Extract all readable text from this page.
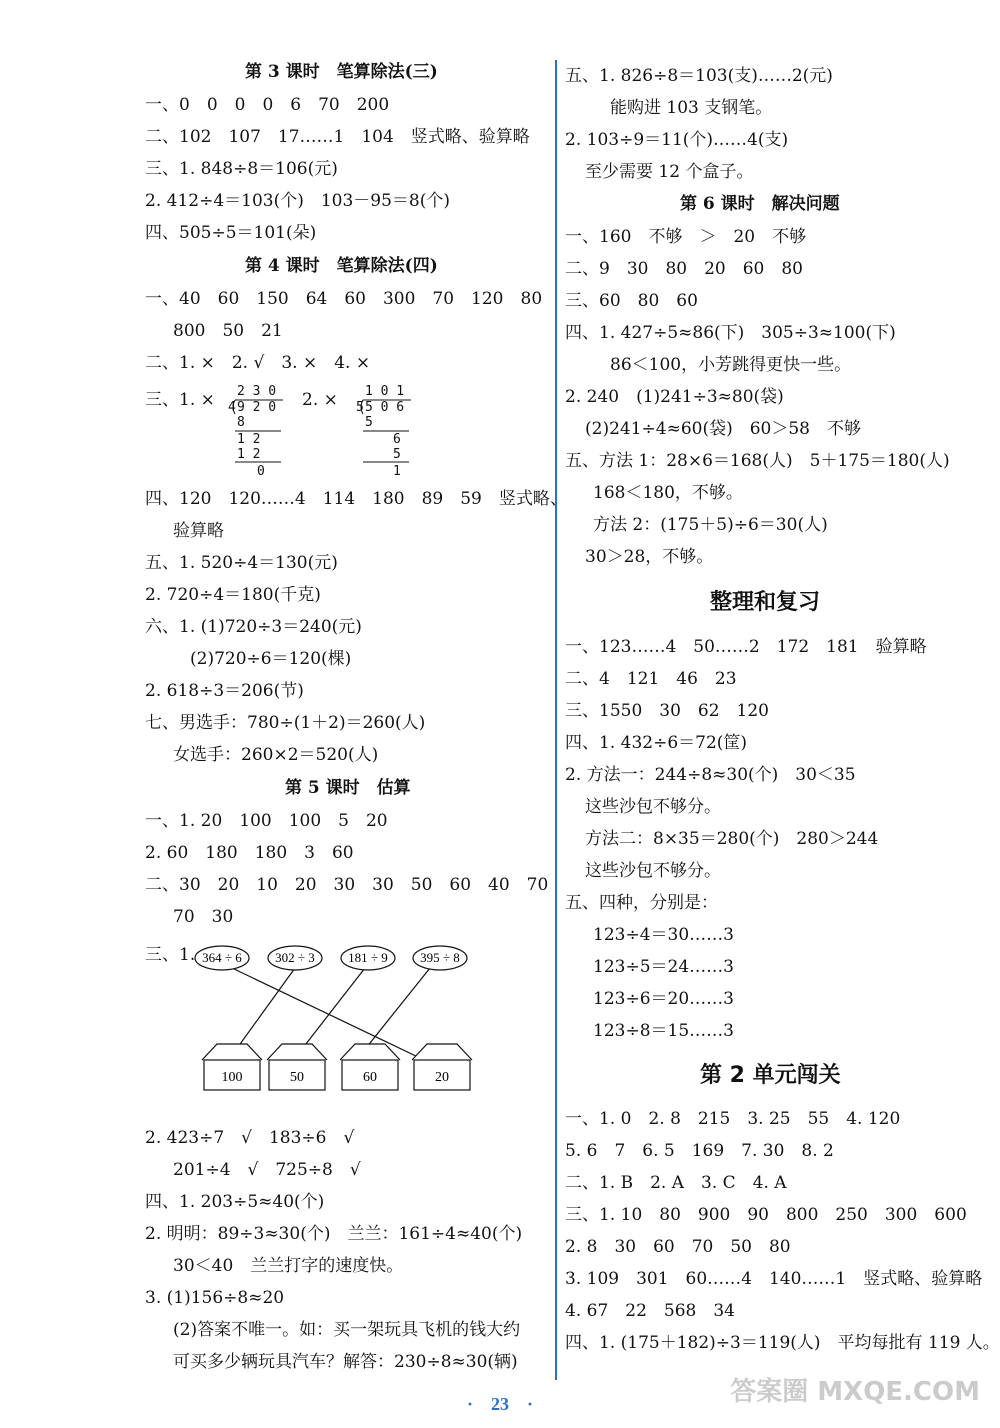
第 3 课时　笔算除法(三)
一、0　0　0　0　6　70　200
二、102　107　17……1　104　竖式略、验算略
三、1. 848÷8＝106(元)
2. 412÷4＝103(个)　103－95＝8(个)
四、505÷5＝101(朵)
第 4 课时　笔算除法(四)
一、40　60　150　64　60　300　70　120　80
800　50　21
二、1. ×　2. √　3. ×　4. ×
三、1. ×	2. ×
四、120　120……4　114　180　89　59　竖式略、
验算略
五、1. 520÷4＝130(元)
2. 720÷4＝180(千克)
六、1. (1)720÷3＝240(元)
(2)720÷6＝120(棵)
2. 618÷3＝206(节)
七、男选手：780÷(1＋2)＝260(人)
女选手：260×2＝520(人)
第 5 课时　估算
一、1. 20　100　100　5　20
2. 60　180　180　3　60
二、30　20　10　20　30　30　50　60　40　70
70　30
三、1.
2. 423÷7　√　183÷6　√
201÷4　√　725÷8　√
四、1. 203÷5≈40(个)
2. 明明：89÷3≈30(个)　兰兰：161÷4≈40(个)
30＜40　兰兰打字的速度快。
3. (1)156÷8≈20
(2)答案不唯一。如：买一架玩具飞机的钱大约
可买多少辆玩具汽车？解答：230÷8≈30(辆)
五、1. 826÷8＝103(支)……2(元)
能购进 103 支钢笔。
2. 103÷9＝11(个)……4(支)
至少需要 12 个盒子。
第 6 课时　解决问题
一、160　不够　＞　20　不够
二、9　30　80　20　60　80
三、60　80　60
四、1. 427÷5≈86(下)　305÷3≈100(下)
86＜100，小芳跳得更快一些。
2. 240　(1)241÷3≈80(袋)
(2)241÷4≈60(袋)　60＞58　不够
五、方法 1：28×6＝168(人)　5＋175＝180(人)
168＜180，不够。
方法 2：(175＋5)÷6＝30(人)
30＞28，不够。
整理和复习
一、123……4　50……2　172　181　验算略
二、4　121　46　23
三、1550　30　62　120
四、1. 432÷6＝72(筐)
2. 方法一：244÷8≈30(个)　30＜35
这些沙包不够分。
方法二：8×35＝280(个)　280＞244
这些沙包不够分。
五、四种，分别是：
123÷4＝30……3
123÷5＝24……3
123÷6＝20……3
123÷8＝15……3
第 2 单元闯关
一、1. 0　2. 8　215　3. 25　55　4. 120
5. 6　7　6. 5　169　7. 30　8. 2
二、1. B　2. A　3. C　4. A
三、1. 10　80　900　90　800　250　300　600
2. 8　30　60　70　50　80
3. 109　301　60……4　140……1　竖式略、验算略
4. 67　22　568　34
四、1. (175＋182)÷3＝119(人)　平均每批有 119 人。
2 3 0
4 9 2 0
8
1 2
1 2
0
1 0 1
5 5 0 6
5
6
5
1
364 ÷ 6	302 ÷ 3	181 ÷ 9 395 ÷ 8
100	50	60	20
·　23　·	答案圈 MXQE.COM
